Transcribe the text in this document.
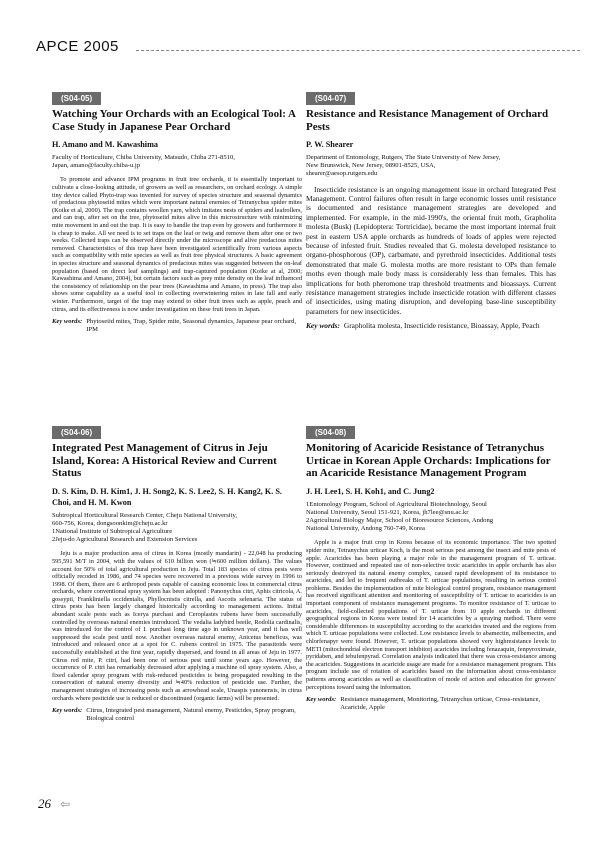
APCE 2005
(S04-05)
Watching Your Orchards with an Ecological Tool: A Case Study in Japanese Pear Orchard
H. Amano and M. Kawashima
Faculty of Horticulture, Chiba University, Matsudo, Chiba 271-8510,
Japan, amano@faculty.chiba-u.jp
To promote and advance IPM programs in fruit tree orchards, it is essentially important to cultivate a close-looking attitude, of growers as well as researchers, on orchard ecology. A simple tiny device called Phyto-trap was invented for survey of species structure and seasonal dynamics of predacious phytoseiid mites which were important natural enemies of Tetranychus spider mites (Koike et al, 2000). The trap contains woollen yarn, which imitates nests of spiders and leafrollers, and can trap, after set on the tree, phytoseiid mites alive in this microstructure with minimizing mite movement in and out the trap. It is easy to handle the trap even by growers and furthermore it is cheap to make. All we need is to set traps on the leaf or twig and remove them after one or two weeks. Collected traps can be observed directly under the microscope and alive predacious mites removed. Characteristics of this trap have been investigated scientifically from various aspects such as compatibility with mite species as well as fruit tree physical structures. A basic agreement in species structure and seasonal dynamics of predacious mites was suggested between the on-leaf population (based on direct leaf samplings) and trap-captured population (Koike at al, 2000; Kawashima and Amano, 2004), but certain factors such as prey mite density on the leaf influenced the consistency of relationship on the pear trees (Kawashima and Amano, in press). The trap also shows some capability as a useful tool in collecting overwintering mites in late fall and early winter. Furthermore, target of the trap may extend to other fruit trees such as apple, peach and citrus, and its effectiveness is now under investigation on these fruit trees in Japan.
Key words: Phytoseiid mites, Trap, Spider mite, Seasonal dynamics, Japanese pear orchard, IPM
(S04-07)
Resistance and Resistance Management of Orchard Pests
P. W. Shearer
Department of Entomology, Rutgers, The State University of New Jersey,
New Brunswick, New Jersey, 08901-8525, USA,
shearer@aesop.rutgers.edu
Insecticide resistance is an ongoing management issue in orchard Integrated Pest Management. Control failures often result in large economic losses until resistance is documented and resistance management strategies are developed and implemented. For example, in the mid-1990's, the oriental fruit moth, Grapholita molesta (Busk) (Lepidoptera: Tortricidae), became the most important internal fruit pest in eastern USA apple orchards as hundreds of loads of apples were rejected because of infested fruit. Studies revealed that G. molesta developed resistance to organo-phosphorous (OP), carbamate, and pyrethroid insecticides. Additional tests demonstrated that male G. molesta moths are more resistant to OPs than female moths even though male body mass is considerably less than females. This has implications for both pheromone trap threshold treatments and bioassays. Current resistance management strategies include insecticide rotation with different classes of insecticides, using mating disruption, and developing base-line susceptibility parameters for new insecticides.
Key words: Grapholita molesta, Insecticide resistance, Bioassay, Apple, Peach
(S04-06)
Integrated Pest Management of Citrus in Jeju Island, Korea: A Historical Review and Current Status
D. S. Kim, D. H. Kim1, J. H. Song2, K. S. Lee2, S. H. Kang2, K. S. Choi, and H. M. Kwon
Subtropical Horticultural Research Center, Cheju National University,
660-756, Korea, dongsoonkim@cheju.ac.kr
1National Institute of Subtropical Agriculture
2Jeju-do Agricultural Research and Extension Services
Jeju is a major production area of citrus in Korea (mostly mandarin) - 22,048 ha producing 595,591 M/T in 2004, with the values of 610 billion won (≒600 million dollars). The values account for 50% of total agricultural production in Jeju. Total 183 species of citrus pests were officially recoded in 1986, and 74 species were recovered in a previous wide survey in 1996 to 1998. Of them, there are 6 arthropod pests capable of causing economic loss in commercial citrus orchards, where conventional spray system has been adopted : Panonychus citri, Aphis citricola, A. gossypii, Frankliniella occidentalis, Phyllocnistis citrella, and Ascotis selenaria. The status of citrus pests has been largely changed historically according to management actions. Initial abundant scale pests such as Icerya purchasi and Ceroplastes rubens have been successfully controlled by overseas natural enemies introduced. The vedalia ladybird beetle, Rodolia cardinalis, was introduced for the control of I. purchasi long time ago in unknown year, and it has well suppressed the scale pest until now. Another overseas natural enemy, Anicetus beneficus, was introduced and released once at a spot for C. rubens control in 1975. The parasitoids were successfully established at the first year, rapidly dispersed, and found in all areas of Jeju in 1977. Citrus red mite, P. citri, had been one of serious pest until some years ago. However, the occurrence of P. citri has remarkably decreased after applying a machine oil spray system. Also, a fixed calendar spray program with risk-reduced pesticides is being propagated resulting in the conservation of natural enemy diversity and ≒40% reduction of pesticide use. Further, the management strategies of increasing pests such as arrowhead scale, Unaspis yanonensis, in citrus orchards where pesticide use is reduced or discontinued (organic farms) will be presented.
Key words: Citrus, Integrated pest management, Natural enemy, Pesticides, Spray program, Biological control
(S04-08)
Monitoring of Acaricide Resistance of Tetranychus Urticae in Korean Apple Orchards: Implications for an Acaricide Resistance Management Program
J. H. Lee1, S. H. Koh1, and C. Jung2
1Entomology Program, School of Agricultural Biotechnology, Seoul
National University, Seoul 151-921, Korea, jh7lee@snu.ac.kr
2Agricultural Biology Major, School of Bioresource Sciences, Andong
National University, Andong 760-749, Korea
Apple is a major fruit crop in Korea because of its economic importance. The two spotted spider mite, Tetranychus urticae Koch, is the most serious pest among the insect and mite pests of apple. Acaricides has been playing a major role in the management program of T. urticae. However, continued and repeated use of non-selective toxic acaricides in apple orchards has also seriously destroyed its natural enemy complex, caused rapid development of its resistance to acaricides, and led to frequent outbreaks of T. urticae populations, resulting in serious control problems. Besides the implementation of mite biological control program, resistance management has received significant attention and monitoring of susceptibility of T. urticae to acaricides is an important component of resistance management programs. To monitor resistance of T. urticae to acaricides, field-collected populations of T. urticae from 10 apple orchards in different geographical regions in Korea were tested for 14 acaricides by a spraying method. There were considerable differences in susceptibility according to the acaricides treated and the regions from which T. urticae populations were collected. Low resistance levels to abamectin, milbemectin, and chlorfenapyr were found. However, T. urticae populations showed very highresistance levels to METI (mitochondrial electron transport inhibitor) acaricides including fenazaquin, fenpyroximate, pyridaben, and tebufenpyrad. Correlation analysis indicated that there was cross-resistance among the acaricides. Suggestions in acaricide usage are made for a resistance management program. This program include use of rotation of acaricides based on the information about cross-resistance patterns among acaricides as well as classification of mode of action and education for growers' perceptions toward using the information.
Key words: Resistance management, Monitoring, Tetranychus urticae, Cross-resistance, Acaricide, Apple
26 ⇦
